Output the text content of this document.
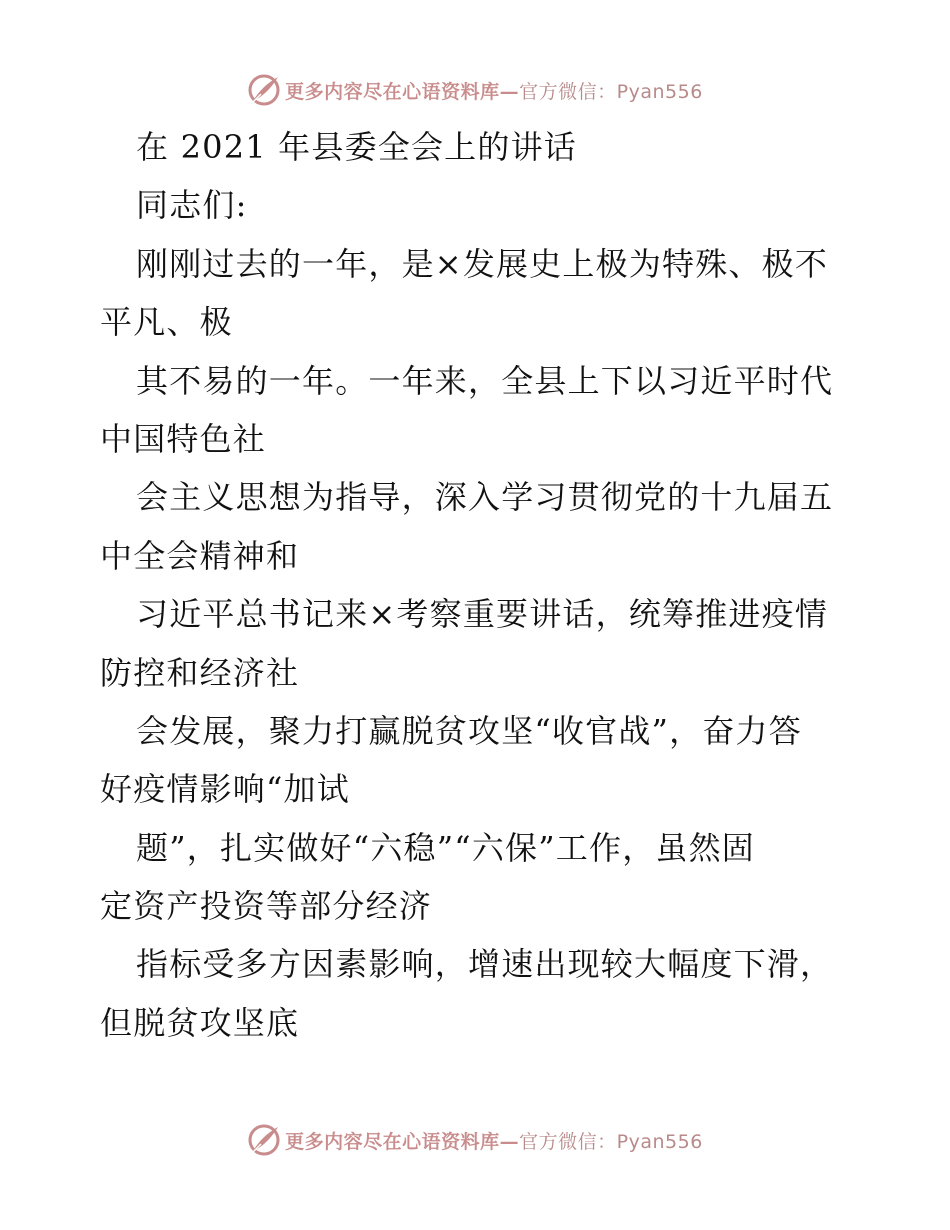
更多内容尽在心语资料库— 官方微信：Pyan556
在 2021 年县委全会上的讲话
同志们:
刚刚过去的一年，是×发展史上极为特殊、极不
平凡、极
其不易的一年。一年来，全县上下以习近平时代
中国特色社
会主义思想为指导，深入学习贯彻党的十九届五
中全会精神和
习近平总书记来×考察重要讲话，统筹推进疫情
防控和经济社
会发展，聚力打赢脱贫攻坚“收官战”，奋力答
好疫情影响“加试
题”，扎实做好“六稳”“六保”工作，虽然固
定资产投资等部分经济
指标受多方因素影响，增速出现较大幅度下滑，
但脱贫攻坚底
更多内容尽在心语资料库— 官方微信：Pyan556
